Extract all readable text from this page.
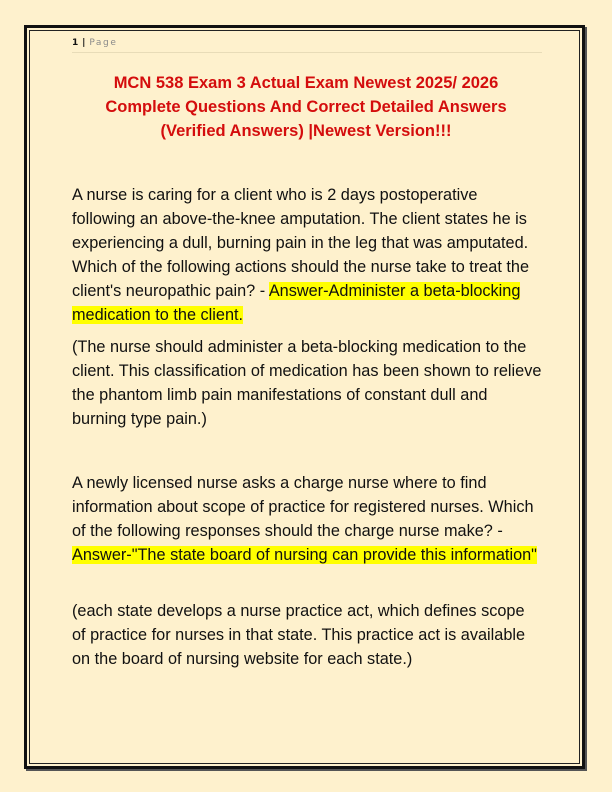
1 | Page
MCN 538 Exam 3 Actual Exam Newest 2025/ 2026
Complete Questions And Correct Detailed Answers
(Verified Answers) |Newest Version!!!
A nurse is caring for a client who is 2 days postoperative following an above-the-knee amputation. The client states he is experiencing a dull, burning pain in the leg that was amputated. Which of the following actions should the nurse take to treat the client's neuropathic pain? - Answer-Administer a beta-blocking medication to the client.
(The nurse should administer a beta-blocking medication to the client. This classification of medication has been shown to relieve the phantom limb pain manifestations of constant dull and burning type pain.)
A newly licensed nurse asks a charge nurse where to find information about scope of practice for registered nurses. Which of the following responses should the charge nurse make? - Answer-"The state board of nursing can provide this information"
(each state develops a nurse practice act, which defines scope of practice for nurses in that state. This practice act is available on the board of nursing website for each state.)
